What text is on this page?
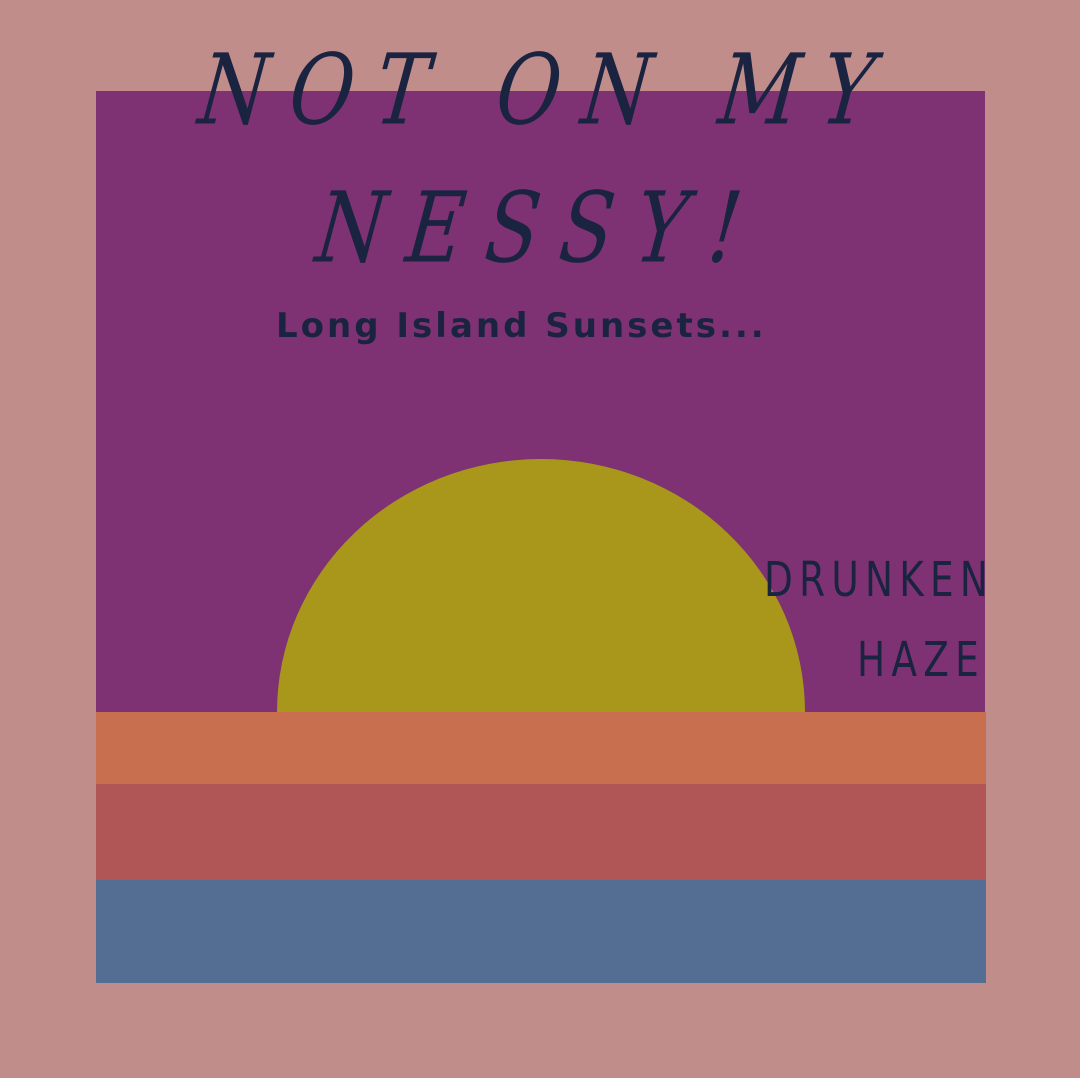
NOT ON MY
NESSY!
Long Island Sunsets...
DRUNKEN
HAZE
